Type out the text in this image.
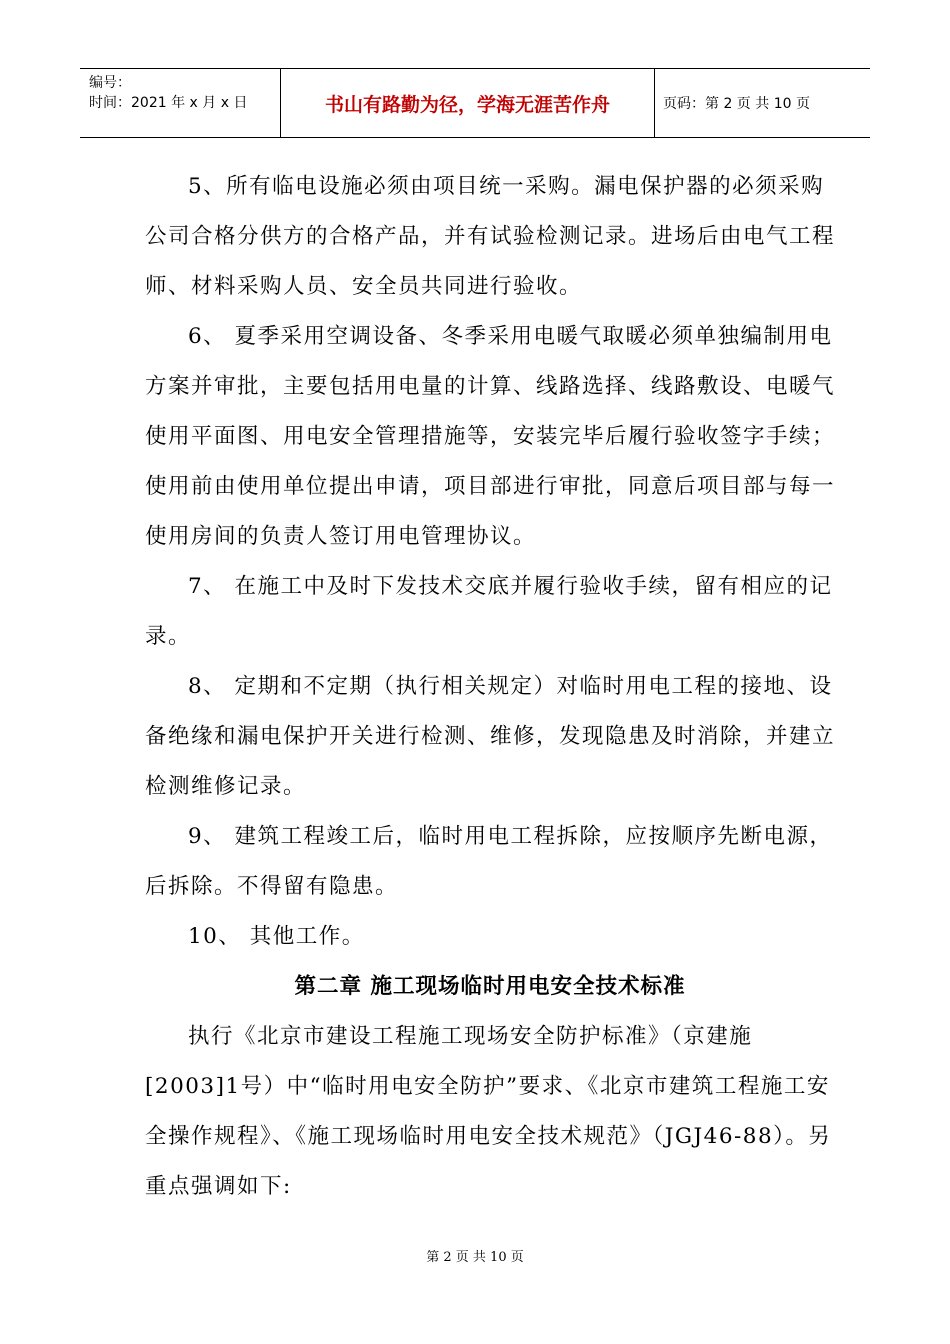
编号：
时间：2021 年 x 月 x 日	书山有路勤为径，学海无涯苦作舟	页码：第 2 页 共 10 页

5、所有临电设施必须由项目统一采购。漏电保护器的必须采购公司合格分供方的合格产品，并有试验检测记录。进场后由电气工程师、材料采购人员、安全员共同进行验收。

6、 夏季采用空调设备、冬季采用电暖气取暖必须单独编制用电方案并审批，主要包括用电量的计算、线路选择、线路敷设、电暖气使用平面图、用电安全管理措施等，安装完毕后履行验收签字手续；使用前由使用单位提出申请，项目部进行审批，同意后项目部与每一使用房间的负责人签订用电管理协议。

7、 在施工中及时下发技术交底并履行验收手续，留有相应的记录。

8、 定期和不定期（执行相关规定）对临时用电工程的接地、设备绝缘和漏电保护开关进行检测、维修，发现隐患及时消除，并建立检测维修记录。

9、 建筑工程竣工后，临时用电工程拆除，应按顺序先断电源，后拆除。不得留有隐患。

10、 其他工作。

第二章 施工现场临时用电安全技术标准

执行《北京市建设工程施工现场安全防护标准》（京建施[2003]1号）中“临时用电安全防护”要求、《北京市建筑工程施工安全操作规程》、《施工现场临时用电安全技术规范》（JGJ46-88）。另重点强调如下:

第 2 页 共 10 页
